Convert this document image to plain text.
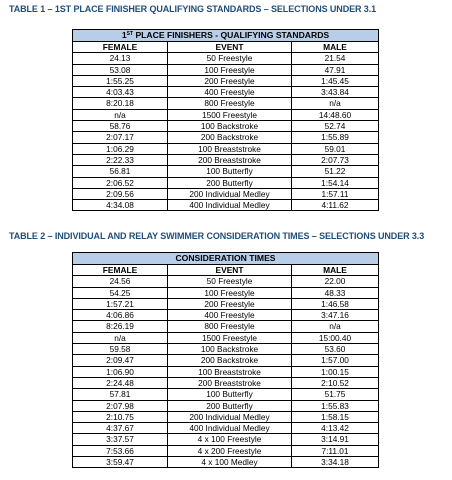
TABLE 1 – 1ST PLACE FINISHER QUALIFYING STANDARDS – SELECTIONS UNDER 3.1
1ST PLACE FINISHERS - QUALIFYING STANDARDS		
FEMALE	EVENT	MALE
24.13	50 Freestyle	21.54
53.08	100 Freestyle	47.91
1:55.25	200 Freestyle	1:45.45
4:03.43	400 Freestyle	3:43.84
8:20.18	800 Freestyle	n/a
n/a	1500 Freestyle	14:48.60
58.76	100 Backstroke	52.74
2:07.17	200 Backstroke	1:55.89
1:06.29	100 Breaststroke	59.01
2:22.33	200 Breaststroke	2:07.73
56.81	100 Butterfly	51.22
2:06.52	200 Butterfly	1:54.14
2:09.56	200 Individual Medley	1:57.11
4:34.08	400 Individual Medley	4:11.62
TABLE 2 – INDIVIDUAL AND RELAY SWIMMER CONSIDERATION TIMES – SELECTIONS UNDER 3.3
CONSIDERATION TIMES		
FEMALE	EVENT	MALE
24.56	50 Freestyle	22.00
54.25	100 Freestyle	48.33
1:57.21	200 Freestyle	1:46.58
4:06.86	400 Freestyle	3:47.16
8:26.19	800 Freestyle	n/a
n/a	1500 Freestyle	15:00.40
59.58	100 Backstroke	53.60
2:09.47	200 Backstroke	1:57.00
1:06.90	100 Breaststroke	1:00.15
2:24.48	200 Breaststroke	2:10.52
57.81	100 Butterfly	51.75
2:07.98	200 Butterfly	1:55.83
2:10.75	200 Individual Medley	1:58.15
4:37.67	400 Individual Medley	4:13.42
3:37.57	4 x 100 Freestyle	3:14.91
7:53.66	4 x 200 Freestyle	7:11.01
3:59.47	4 x 100 Medley	3:34.18
